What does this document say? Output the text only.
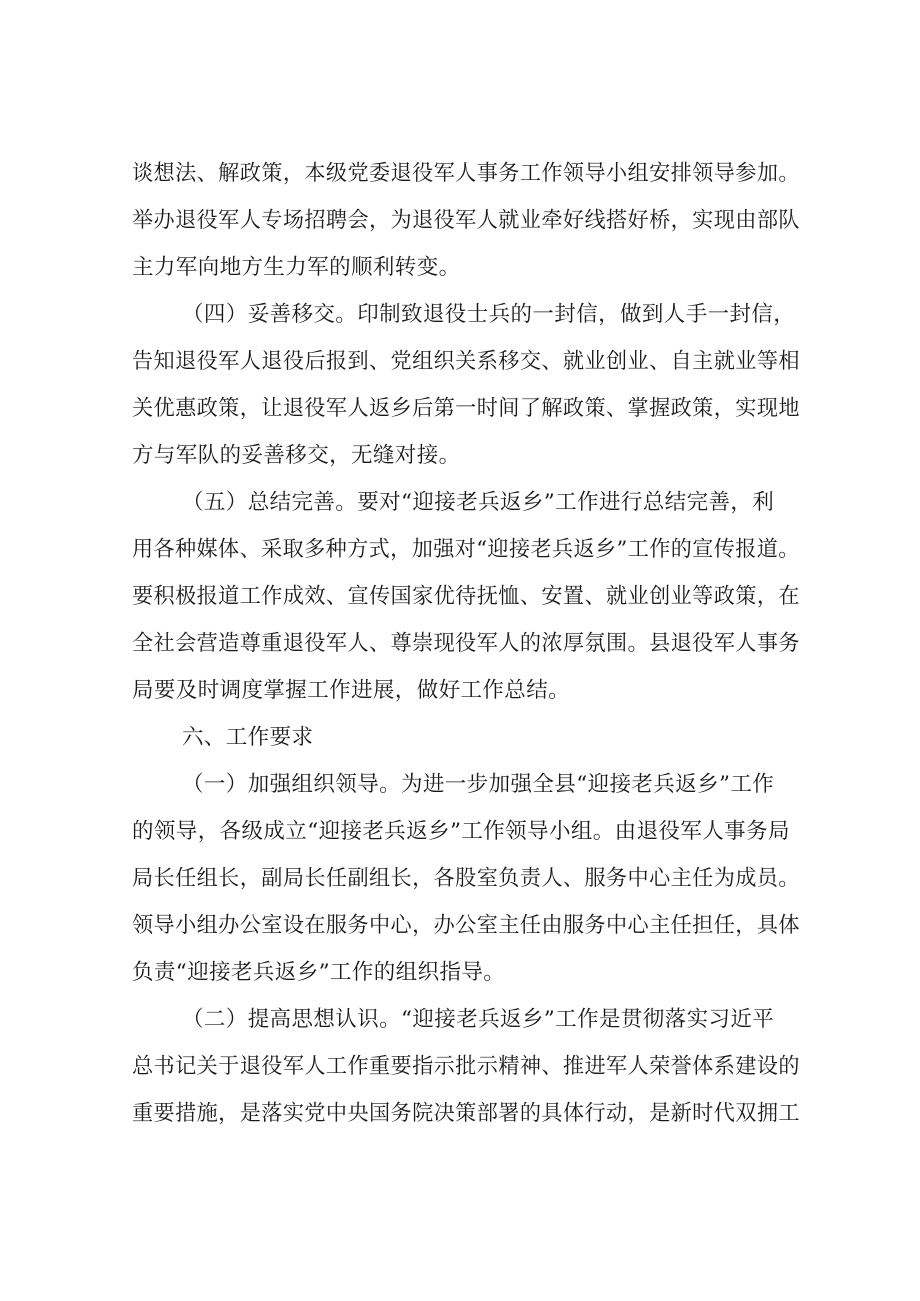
谈想法、解政策，本级党委退役军人事务工作领导小组安排领导参加。
举办退役军人专场招聘会，为退役军人就业牵好线搭好桥，实现由部队
主力军向地方生力军的顺利转变。
（四）妥善移交。印制致退役士兵的一封信，做到人手一封信，
告知退役军人退役后报到、党组织关系移交、就业创业、自主就业等相
关优惠政策，让退役军人返乡后第一时间了解政策、掌握政策，实现地
方与军队的妥善移交，无缝对接。
（五）总结完善。要对“迎接老兵返乡”工作进行总结完善，利
用各种媒体、采取多种方式，加强对“迎接老兵返乡”工作的宣传报道。
要积极报道工作成效、宣传国家优待抚恤、安置、就业创业等政策，在
全社会营造尊重退役军人、尊崇现役军人的浓厚氛围。县退役军人事务
局要及时调度掌握工作进展，做好工作总结。
六、工作要求
（一）加强组织领导。为进一步加强全县“迎接老兵返乡”工作
的领导，各级成立“迎接老兵返乡”工作领导小组。由退役军人事务局
局长任组长，副局长任副组长，各股室负责人、服务中心主任为成员。
领导小组办公室设在服务中心，办公室主任由服务中心主任担任，具体
负责“迎接老兵返乡”工作的组织指导。
（二）提高思想认识。“迎接老兵返乡”工作是贯彻落实习近平
总书记关于退役军人工作重要指示批示精神、推进军人荣誉体系建设的
重要措施，是落实党中央国务院决策部署的具体行动，是新时代双拥工
